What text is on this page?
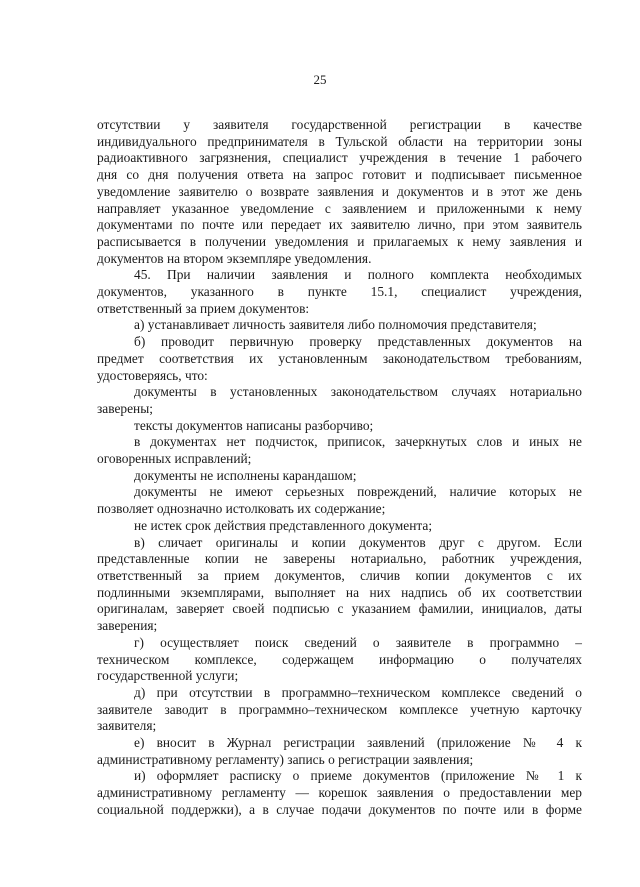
25
отсутствии у заявителя государственной регистрации в качестве
индивидуального предпринимателя в Тульской области на территории зоны
радиоактивного загрязнения, специалист учреждения в течение 1 рабочего
дня со дня получения ответа на запрос готовит и подписывает письменное
уведомление заявителю о возврате заявления и документов и в этот же день
направляет указанное уведомление с заявлением и приложенными к нему
документами по почте или передает их заявителю лично, при этом заявитель
расписывается в получении уведомления и прилагаемых к нему заявления и
документов на втором экземпляре уведомления.
45. При наличии заявления и полного комплекта необходимых
документов, указанного в пункте 15.1, специалист учреждения,
ответственный за прием документов:
а) устанавливает личность заявителя либо полномочия представителя;
б) проводит первичную проверку представленных документов на
предмет соответствия их установленным законодательством требованиям,
удостоверяясь, что:
документы в установленных законодательством случаях нотариально
заверены;
тексты документов написаны разборчиво;
в документах нет подчисток, приписок, зачеркнутых слов и иных не
оговоренных исправлений;
документы не исполнены карандашом;
документы не имеют серьезных повреждений, наличие которых не
позволяет однозначно истолковать их содержание;
не истек срок действия представленного документа;
в) сличает оригиналы и копии документов друг с другом. Если
представленные копии не заверены нотариально, работник учреждения,
ответственный за прием документов, сличив копии документов с их
подлинными экземплярами, выполняет на них надпись об их соответствии
оригиналам, заверяет своей подписью с указанием фамилии, инициалов, даты
заверения;
г) осуществляет поиск сведений о заявителе в программно –
техническом комплексе, содержащем информацию о получателях
государственной услуги;
д) при отсутствии в программно–техническом комплексе сведений о
заявителе заводит в программно–техническом комплексе учетную карточку
заявителя;
е) вносит в Журнал регистрации заявлений (приложение № 4 к
административному регламенту) запись о регистрации заявления;
и) оформляет расписку о приеме документов (приложение № 1 к
административному регламенту — корешок заявления о предоставлении мер
социальной поддержки), а в случае подачи документов по почте или в форме
